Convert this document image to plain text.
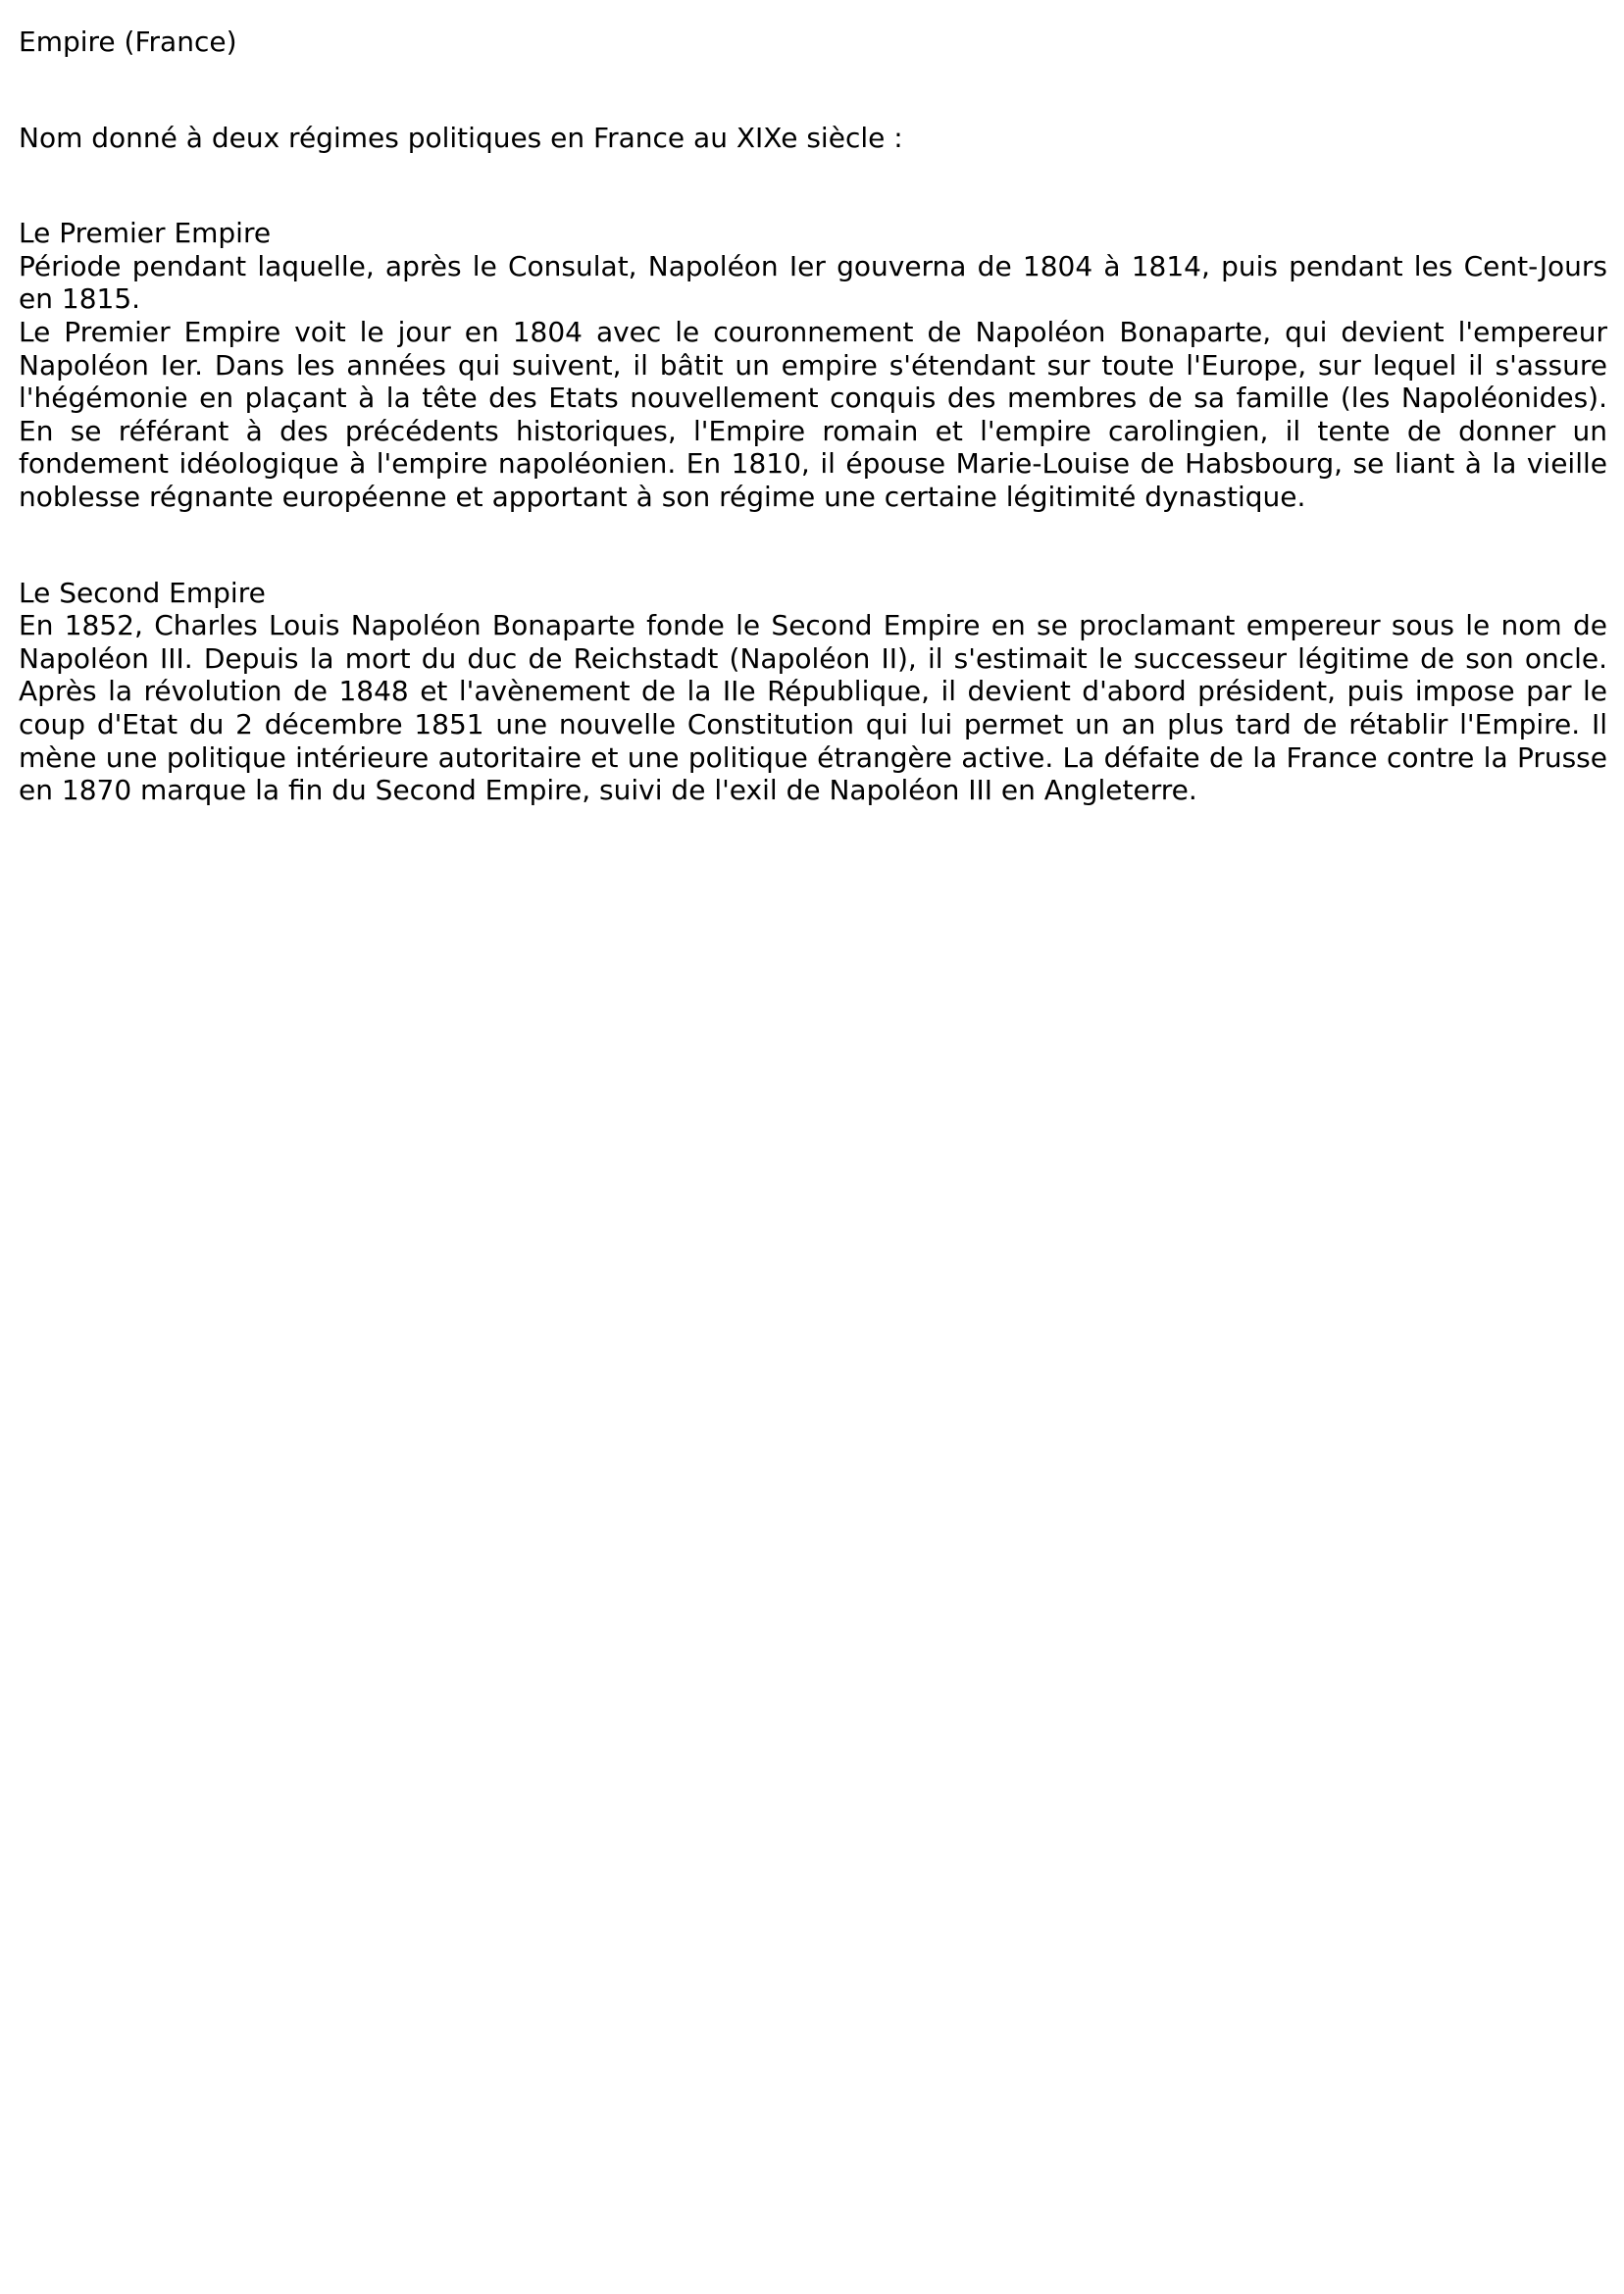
Empire (France)

Nom donné à deux régimes politiques en France au XIXe siècle :

Le Premier Empire

Période pendant laquelle, après le Consulat, Napoléon Ier gouverna de 1804 à 1814, puis pendant les Cent-Jours en 1815.

Le Premier Empire voit le jour en 1804 avec le couronnement de Napoléon Bonaparte, qui devient l'empereur Napoléon Ier. Dans les années qui suivent, il bâtit un empire s'étendant sur toute l'Europe, sur lequel il s'assure l'hégémonie en plaçant à la tête des Etats nouvellement conquis des membres de sa famille (les Napoléonides). En se référant à des précédents historiques, l'Empire romain et l'empire carolingien, il tente de donner un fondement idéologique à l'empire napoléonien. En 1810, il épouse Marie-Louise de Habsbourg, se liant à la vieille noblesse régnante européenne et apportant à son régime une certaine légitimité dynastique.

Le Second Empire

En 1852, Charles Louis Napoléon Bonaparte fonde le Second Empire en se proclamant empereur sous le nom de Napoléon III. Depuis la mort du duc de Reichstadt (Napoléon II), il s'estimait le successeur légitime de son oncle. Après la révolution de 1848 et l'avènement de la IIe République, il devient d'abord président, puis impose par le coup d'Etat du 2 décembre 1851 une nouvelle Constitution qui lui permet un an plus tard de rétablir l'Empire. Il mène une politique intérieure autoritaire et une politique étrangère active. La défaite de la France contre la Prusse en 1870 marque la fin du Second Empire, suivi de l'exil de Napoléon III en Angleterre.
